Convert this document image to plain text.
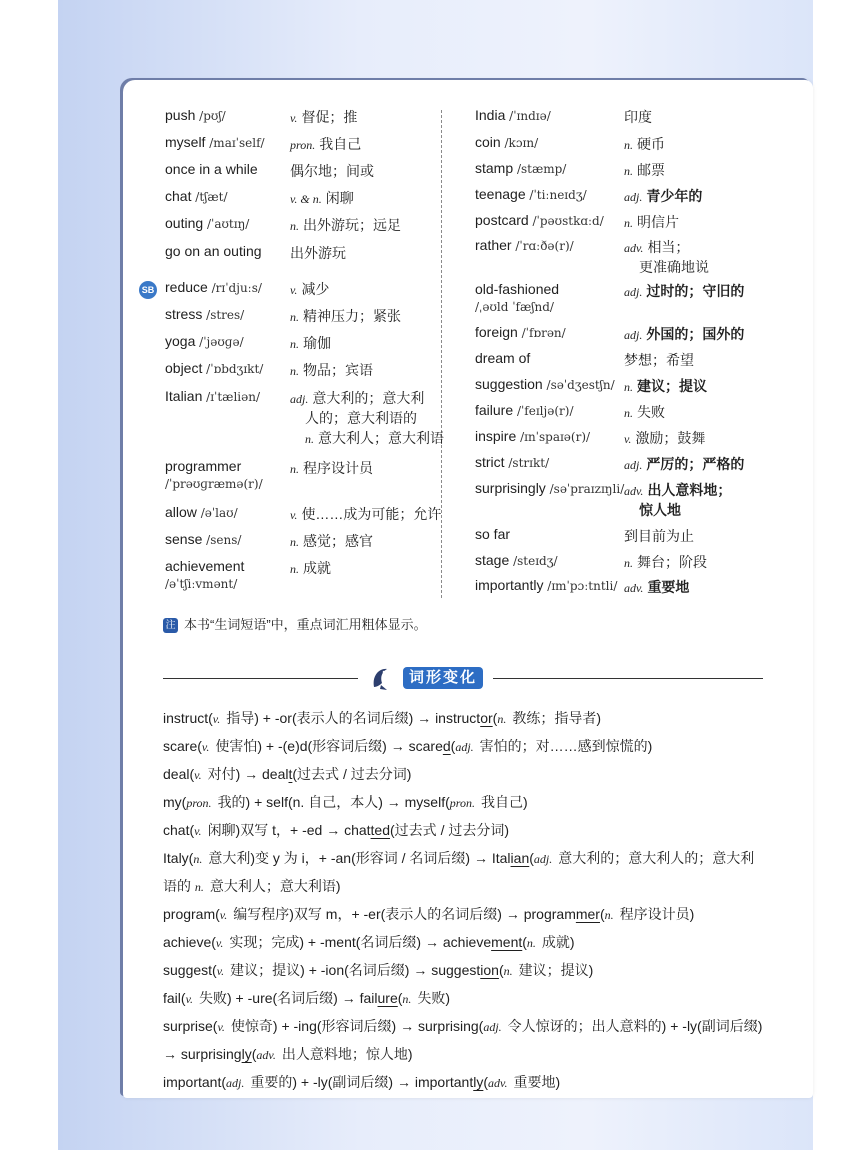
SB
push /pʊʃ/	v. 督促；推
myself /maɪˈself/ pron. 我自己
once in a while 偶尔地；间或
chat /tʃæt/	v. & n. 闲聊
outing /ˈaʊtɪŋ/	n. 出外游玩；远足
go on an outing 出外游玩
reduce /rɪˈdjuːs/ v. 减少
stress /stres/	n. 精神压力；紧张
yoga /ˈjəʊɡə/	n. 瑜伽
object /ˈɒbdʒɪkt/ n. 物品；宾语
Italian /ɪˈtæliən/ adj. 意大利的；意大利
人的；意大利语的
n. 意大利人；意大利语
programmer
/ˈprəʊɡræmə(r)/
n. 程序设计员
allow /əˈlaʊ/	v. 使……成为可能；允许
sense /sens/	n. 感觉；感官
achievement
/əˈtʃiːvmənt/
n. 成就
India /ˈɪndɪə/	印度
coin /kɔɪn/	n. 硬币
stamp /stæmp/	n. 邮票
teenage /ˈtiːneɪdʒ/	adj. 青少年的
postcard /ˈpəʊstkɑːd/ n. 明信片
rather /ˈrɑːðə(r)/	adv. 相当；
更准确地说
old-fashioned
/ˌəʊld ˈfæʃnd/
adj. 过时的；守旧的
foreign /ˈfɒrən/	adj. 外国的；国外的
dream of	梦想；希望
suggestion /səˈdʒestʃn/ n. 建议；提议
failure /ˈfeɪljə(r)/	n. 失败
inspire /ɪnˈspaɪə(r)/	v. 激励；鼓舞
strict /strɪkt/	adj. 严厉的；严格的
surprisingly /səˈpraɪzɪŋli/ adv. 出人意料地；
惊人地
so far	到目前为止
stage /steɪdʒ/	n. 舞台；阶段
importantly /ɪmˈpɔːtntli/ adv. 重要地
注 本书“生词短语”中，重点词汇用粗体显示。
词形变化
instruct(v. 指导) + -or(表示人的名词后缀) → instructor(n. 教练；指导者)
scare(v. 使害怕) + -(e)d(形容词后缀) → scared(adj. 害怕的；对……感到惊慌的)
deal(v. 对付) → dealt(过去式 / 过去分词)
my(pron. 我的) + self(n. 自己，本人) → myself(pron. 我自己)
chat(v. 闲聊)双写 t，+ -ed → chatted(过去式 / 过去分词)
Italy(n. 意大利)变 y 为 i，+ -an(形容词 / 名词后缀) → Italian(adj. 意大利的；意大利人的；意大利
语的 n. 意大利人；意大利语)
program(v. 编写程序)双写 m，+ -er(表示人的名词后缀) → programmer(n. 程序设计员)
achieve(v. 实现；完成) + -ment(名词后缀) → achievement(n. 成就)
suggest(v. 建议；提议) + -ion(名词后缀) → suggestion(n. 建议；提议)
fail(v. 失败) + -ure(名词后缀) → failure(n. 失败)
surprise(v. 使惊奇) + -ing(形容词后缀) → surprising(adj. 令人惊讶的；出人意料的) + -ly(副词后缀)
→ surprisingly(adv. 出人意料地；惊人地)
important(adj. 重要的) + -ly(副词后缀) → importantly(adv. 重要地)
